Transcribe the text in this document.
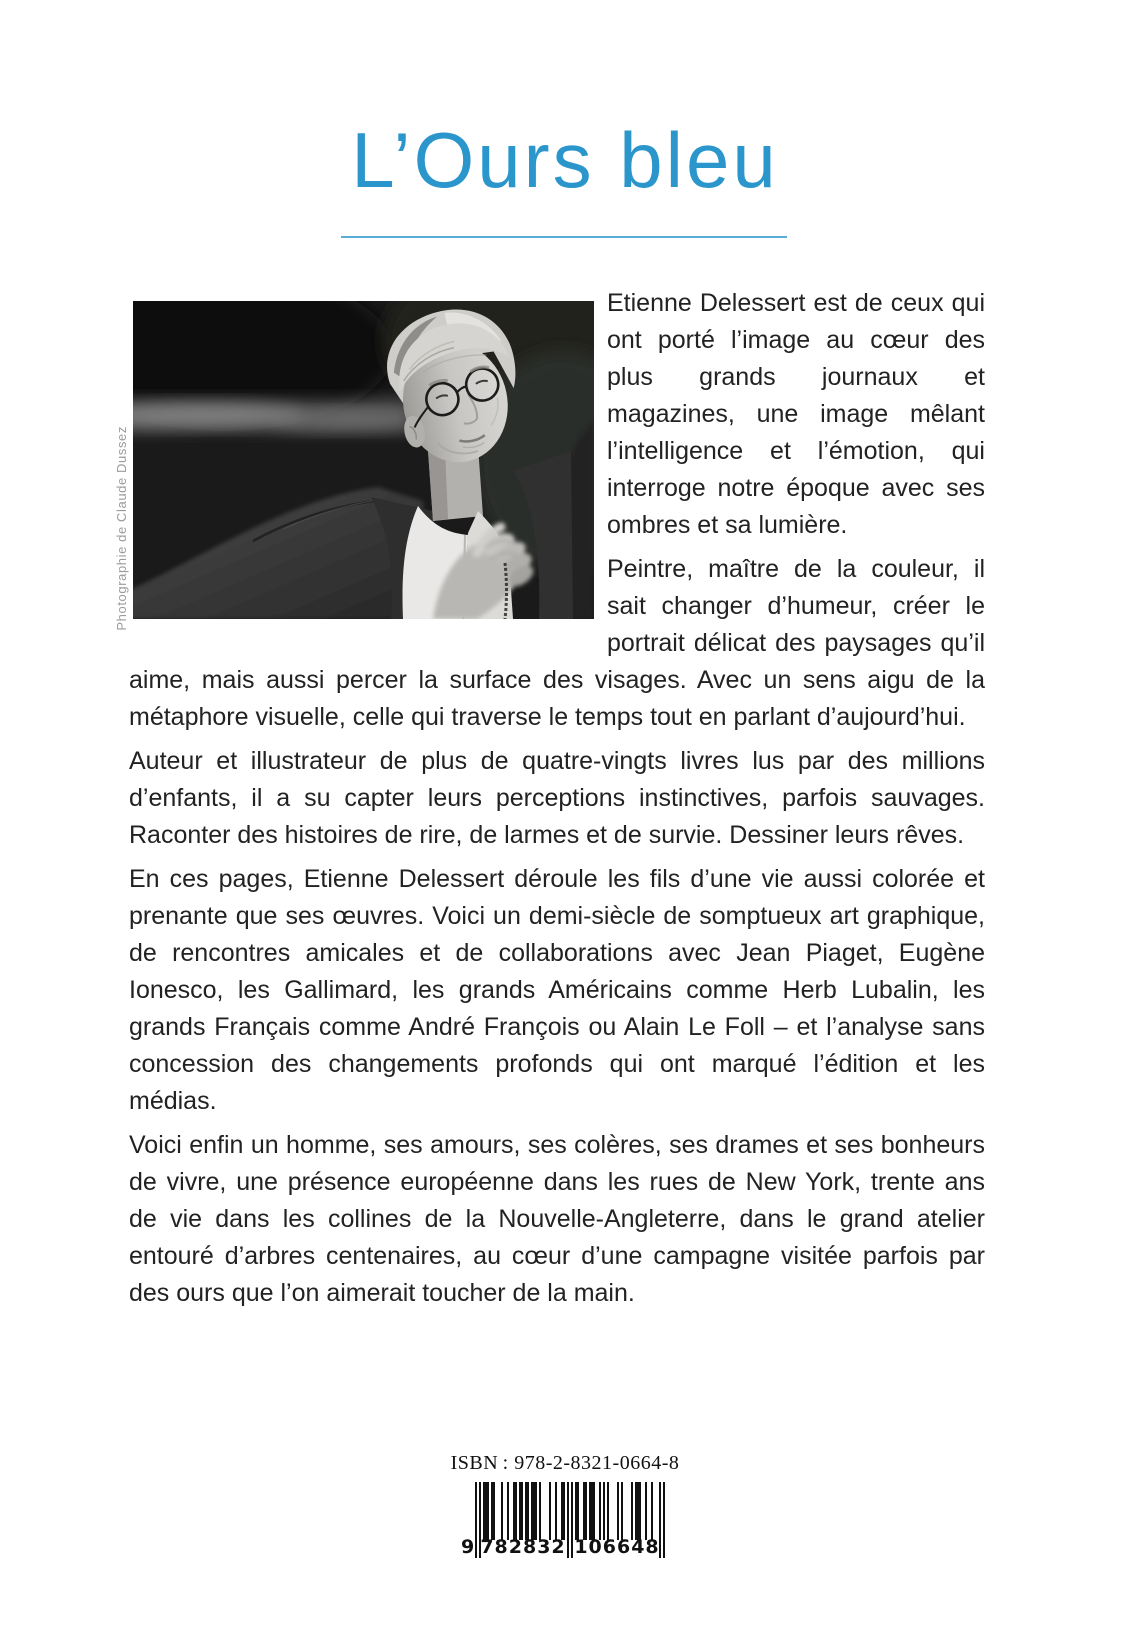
L’Ours bleu
Photographie de Claude Dussez

Etienne Delessert est de ceux qui ont porté l’image au cœur des plus grands journaux et magazines, une image mêlant l’intelligence et l’émotion, qui interroge notre époque avec ses ombres et sa lumière.

Peintre, maître de la couleur, il sait changer d’humeur, créer le portrait délicat des paysages qu’il aime, mais aussi percer la surface des visages. Avec un sens aigu de la métaphore visuelle, celle qui traverse le temps tout en parlant d’aujourd’hui.

Auteur et illustrateur de plus de quatre-vingts livres lus par des millions d’enfants, il a su capter leurs perceptions instinctives, parfois sauvages. Raconter des histoires de rire, de larmes et de survie. Dessiner leurs rêves.

En ces pages, Etienne Delessert déroule les fils d’une vie aussi colorée et prenante que ses œuvres. Voici un demi-siècle de somptueux art graphique, de rencontres amicales et de collaborations avec Jean Piaget, Eugène Ionesco, les Gallimard, les grands Américains comme Herb Lubalin, les grands Français comme André François ou Alain Le Foll – et l’analyse sans concession des changements profonds qui ont marqué l’édition et les médias.

Voici enfin un homme, ses amours, ses colères, ses drames et ses bonheurs de vivre, une présence européenne dans les rues de New York, trente ans de vie dans les collines de la Nouvelle-Angleterre, dans le grand atelier entouré d’arbres centenaires, au cœur d’une campagne visitée parfois par des ours que l’on aimerait toucher de la main.

ISBN : 978-2-8321-0664-8
9 782832 106648
